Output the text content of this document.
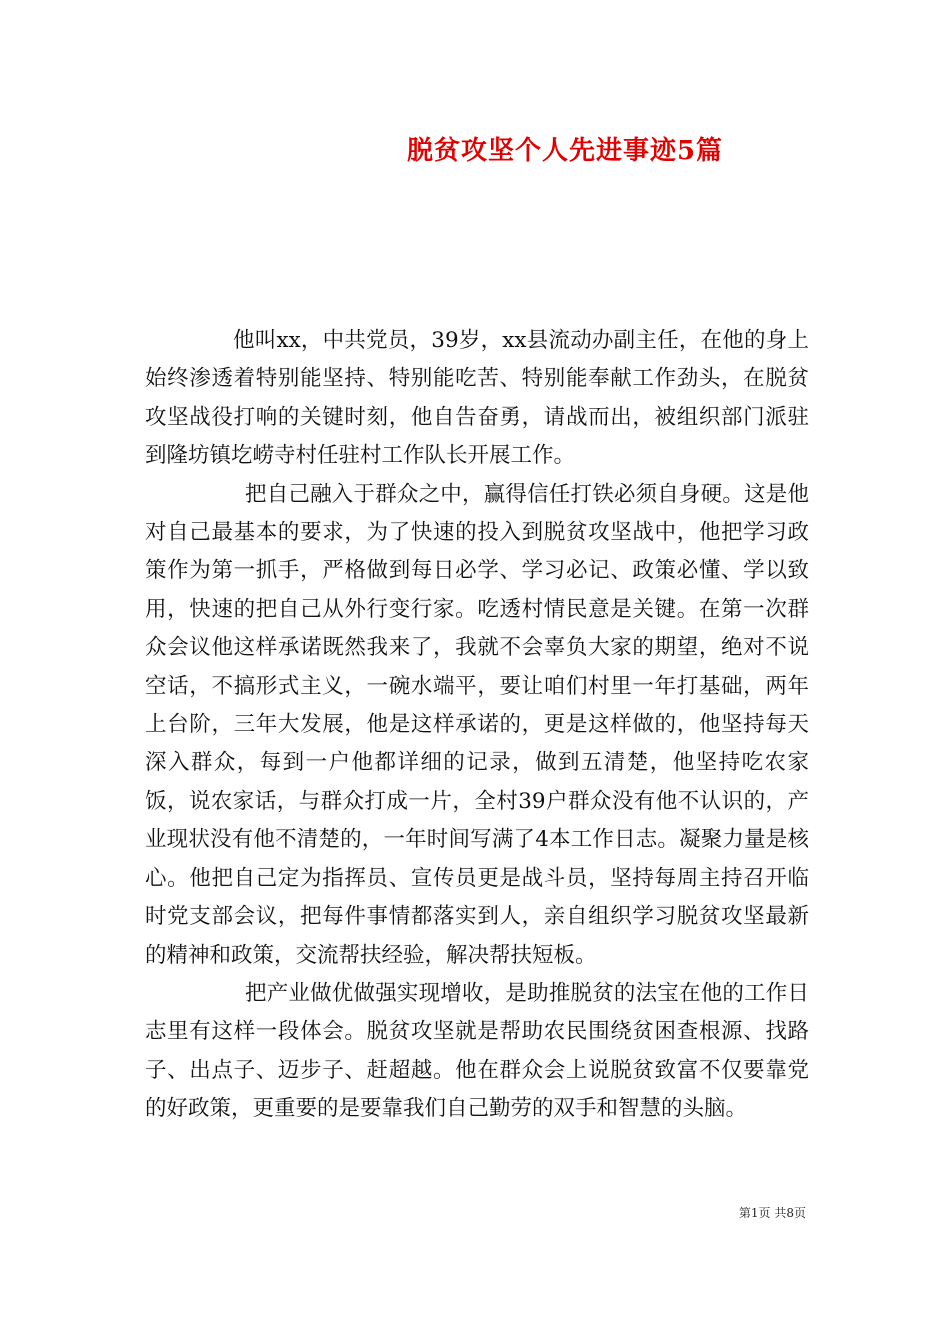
脱贫攻坚个人先进事迹5篇

他叫xx，中共党员，39岁，xx县流动办副主任，在他的身上始终渗透着特别能坚持、特别能吃苦、特别能奉献工作劲头，在脱贫攻坚战役打响的关键时刻，他自告奋勇，请战而出，被组织部门派驻到隆坊镇圪崂寺村任驻村工作队长开展工作。

把自己融入于群众之中，赢得信任打铁必须自身硬。这是他对自己最基本的要求，为了快速的投入到脱贫攻坚战中，他把学习政策作为第一抓手，严格做到每日必学、学习必记、政策必懂、学以致用，快速的把自己从外行变行家。吃透村情民意是关键。在第一次群众会议他这样承诺既然我来了，我就不会辜负大家的期望，绝对不说空话，不搞形式主义，一碗水端平，要让咱们村里一年打基础，两年上台阶，三年大发展，他是这样承诺的，更是这样做的，他坚持每天深入群众，每到一户他都详细的记录，做到五清楚，他坚持吃农家饭，说农家话，与群众打成一片，全村39户群众没有他不认识的，产业现状没有他不清楚的，一年时间写满了4本工作日志。凝聚力量是核心。他把自己定为指挥员、宣传员更是战斗员，坚持每周主持召开临时党支部会议，把每件事情都落实到人，亲自组织学习脱贫攻坚最新的精神和政策，交流帮扶经验，解决帮扶短板。

把产业做优做强实现增收，是助推脱贫的法宝在他的工作日志里有这样一段体会。脱贫攻坚就是帮助农民围绕贫困查根源、找路子、出点子、迈步子、赶超越。他在群众会上说脱贫致富不仅要靠党的好政策，更重要的是要靠我们自己勤劳的双手和智慧的头脑。

第1页 共8页
